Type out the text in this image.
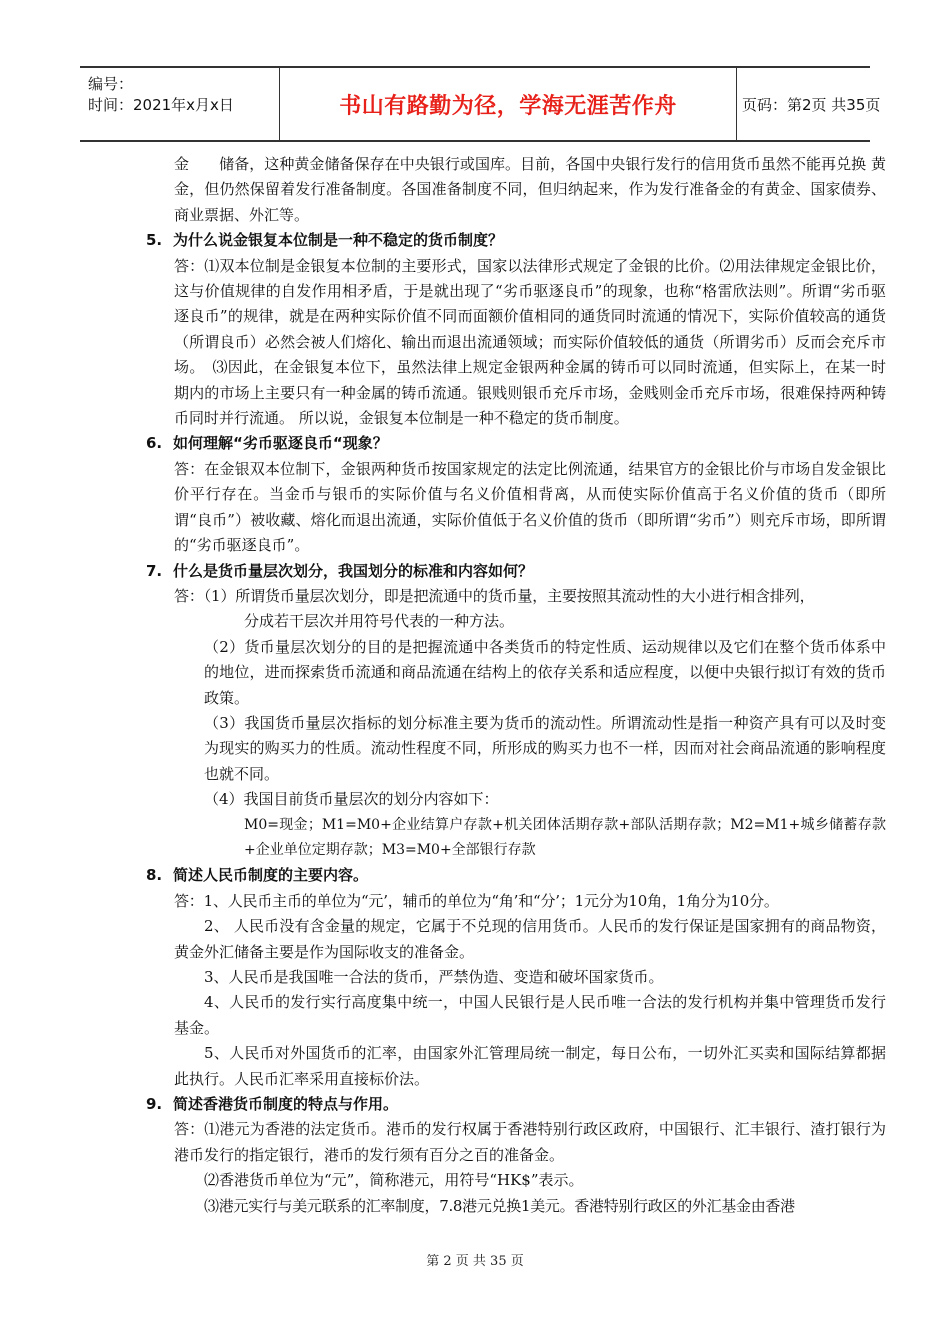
编号：
时间：2021年x月x日	书山有路勤为径，学海无涯苦作舟	页码：第2页 共35页

金　　储备，这种黄金储备保存在中央银行或国库。目前，各国中央银行发行的信用货币虽然不能再兑换 黄金，但仍然保留着发行准备制度。各国准备制度不同，但归纳起来，作为发行准备金的有黄金、国家债券、商业票据、外汇等。

5. 为什么说金银复本位制是一种不稳定的货币制度？

答：⑴双本位制是金银复本位制的主要形式，国家以法律形式规定了金银的比价。⑵用法律规定金银比价，这与价值规律的自发作用相矛盾，于是就出现了“劣币驱逐良币”的现象，也称“格雷欣法则”。所谓“劣币驱逐良币”的规律，就是在两种实际价值不同而面额价值相同的通货同时流通的情况下，实际价值较高的通货（所谓良币）必然会被人们熔化、输出而退出流通领域；而实际价值较低的通货（所谓劣币）反而会充斥市场。　⑶因此，在金银复本位下，虽然法律上规定金银两种金属的铸币可以同时流通，但实际上，在某一时期内的市场上主要只有一种金属的铸币流通。银贱则银币充斥市场，金贱则金币充斥市场，很难保持两种铸币同时并行流通。 所以说，金银复本位制是一种不稳定的货币制度。

6. 如何理解“劣币驱逐良币“现象？

答：在金银双本位制下，金银两种货币按国家规定的法定比例流通，结果官方的金银比价与市场自发金银比价平行存在。当金币与银币的实际价值与名义价值相背离，从而使实际价值高于名义价值的货币（即所谓“良币”）被收藏、熔化而退出流通，实际价值低于名义价值的货币（即所谓“劣币”）则充斥市场，即所谓的“劣币驱逐良币”。

7. 什么是货币量层次划分，我国划分的标准和内容如何？

答：（1）所谓货币量层次划分，即是把流通中的货币量，主要按照其流动性的大小进行相含排列，

分成若干层次并用符号代表的一种方法。

（2）货币量层次划分的目的是把握流通中各类货币的特定性质、运动规律以及它们在整个货币体系中的地位，进而探索货币流通和商品流通在结构上的依存关系和适应程度，以便中央银行拟订有效的货币政策。

（3）我国货币量层次指标的划分标准主要为货币的流动性。所谓流动性是指一种资产具有可以及时变为现实的购买力的性质。流动性程度不同，所形成的购买力也不一样，因而对社会商品流通的影响程度也就不同。

（4）我国目前货币量层次的划分内容如下：

M0=现金；M1=M0+企业结算户存款+机关团体活期存款+部队活期存款；M2=M1+城乡储蓄存款+企业单位定期存款；M3=M0+全部银行存款

8. 简述人民币制度的主要内容。

答：1、人民币主币的单位为“元’，辅币的单位为“角’和“分’；1元分为10角，1角分为10分。

2、 人民币没有含金量的规定，它属于不兑现的信用货币。人民币的发行保证是国家拥有的商品物资，黄金外汇储备主要是作为国际收支的准备金。

3、人民币是我国唯一合法的货币，严禁伪造、变造和破坏国家货币。

4、人民币的发行实行高度集中统一，中国人民银行是人民币唯一合法的发行机构并集中管理货币发行基金。

5、人民币对外国货币的汇率，由国家外汇管理局统一制定，每日公布，一切外汇买卖和国际结算都据此执行。人民币汇率采用直接标价法。

9. 简述香港货币制度的特点与作用。

答：⑴港元为香港的法定货币。港币的发行权属于香港特别行政区政府，中国银行、汇丰银行、渣打银行为港币发行的指定银行，港币的发行须有百分之百的准备金。

⑵香港货币单位为“元”，简称港元，用符号“HK$”表示。

⑶港元实行与美元联系的汇率制度，7.8港元兑换1美元。香港特别行政区的外汇基金由香港

第 2 页 共 35 页
